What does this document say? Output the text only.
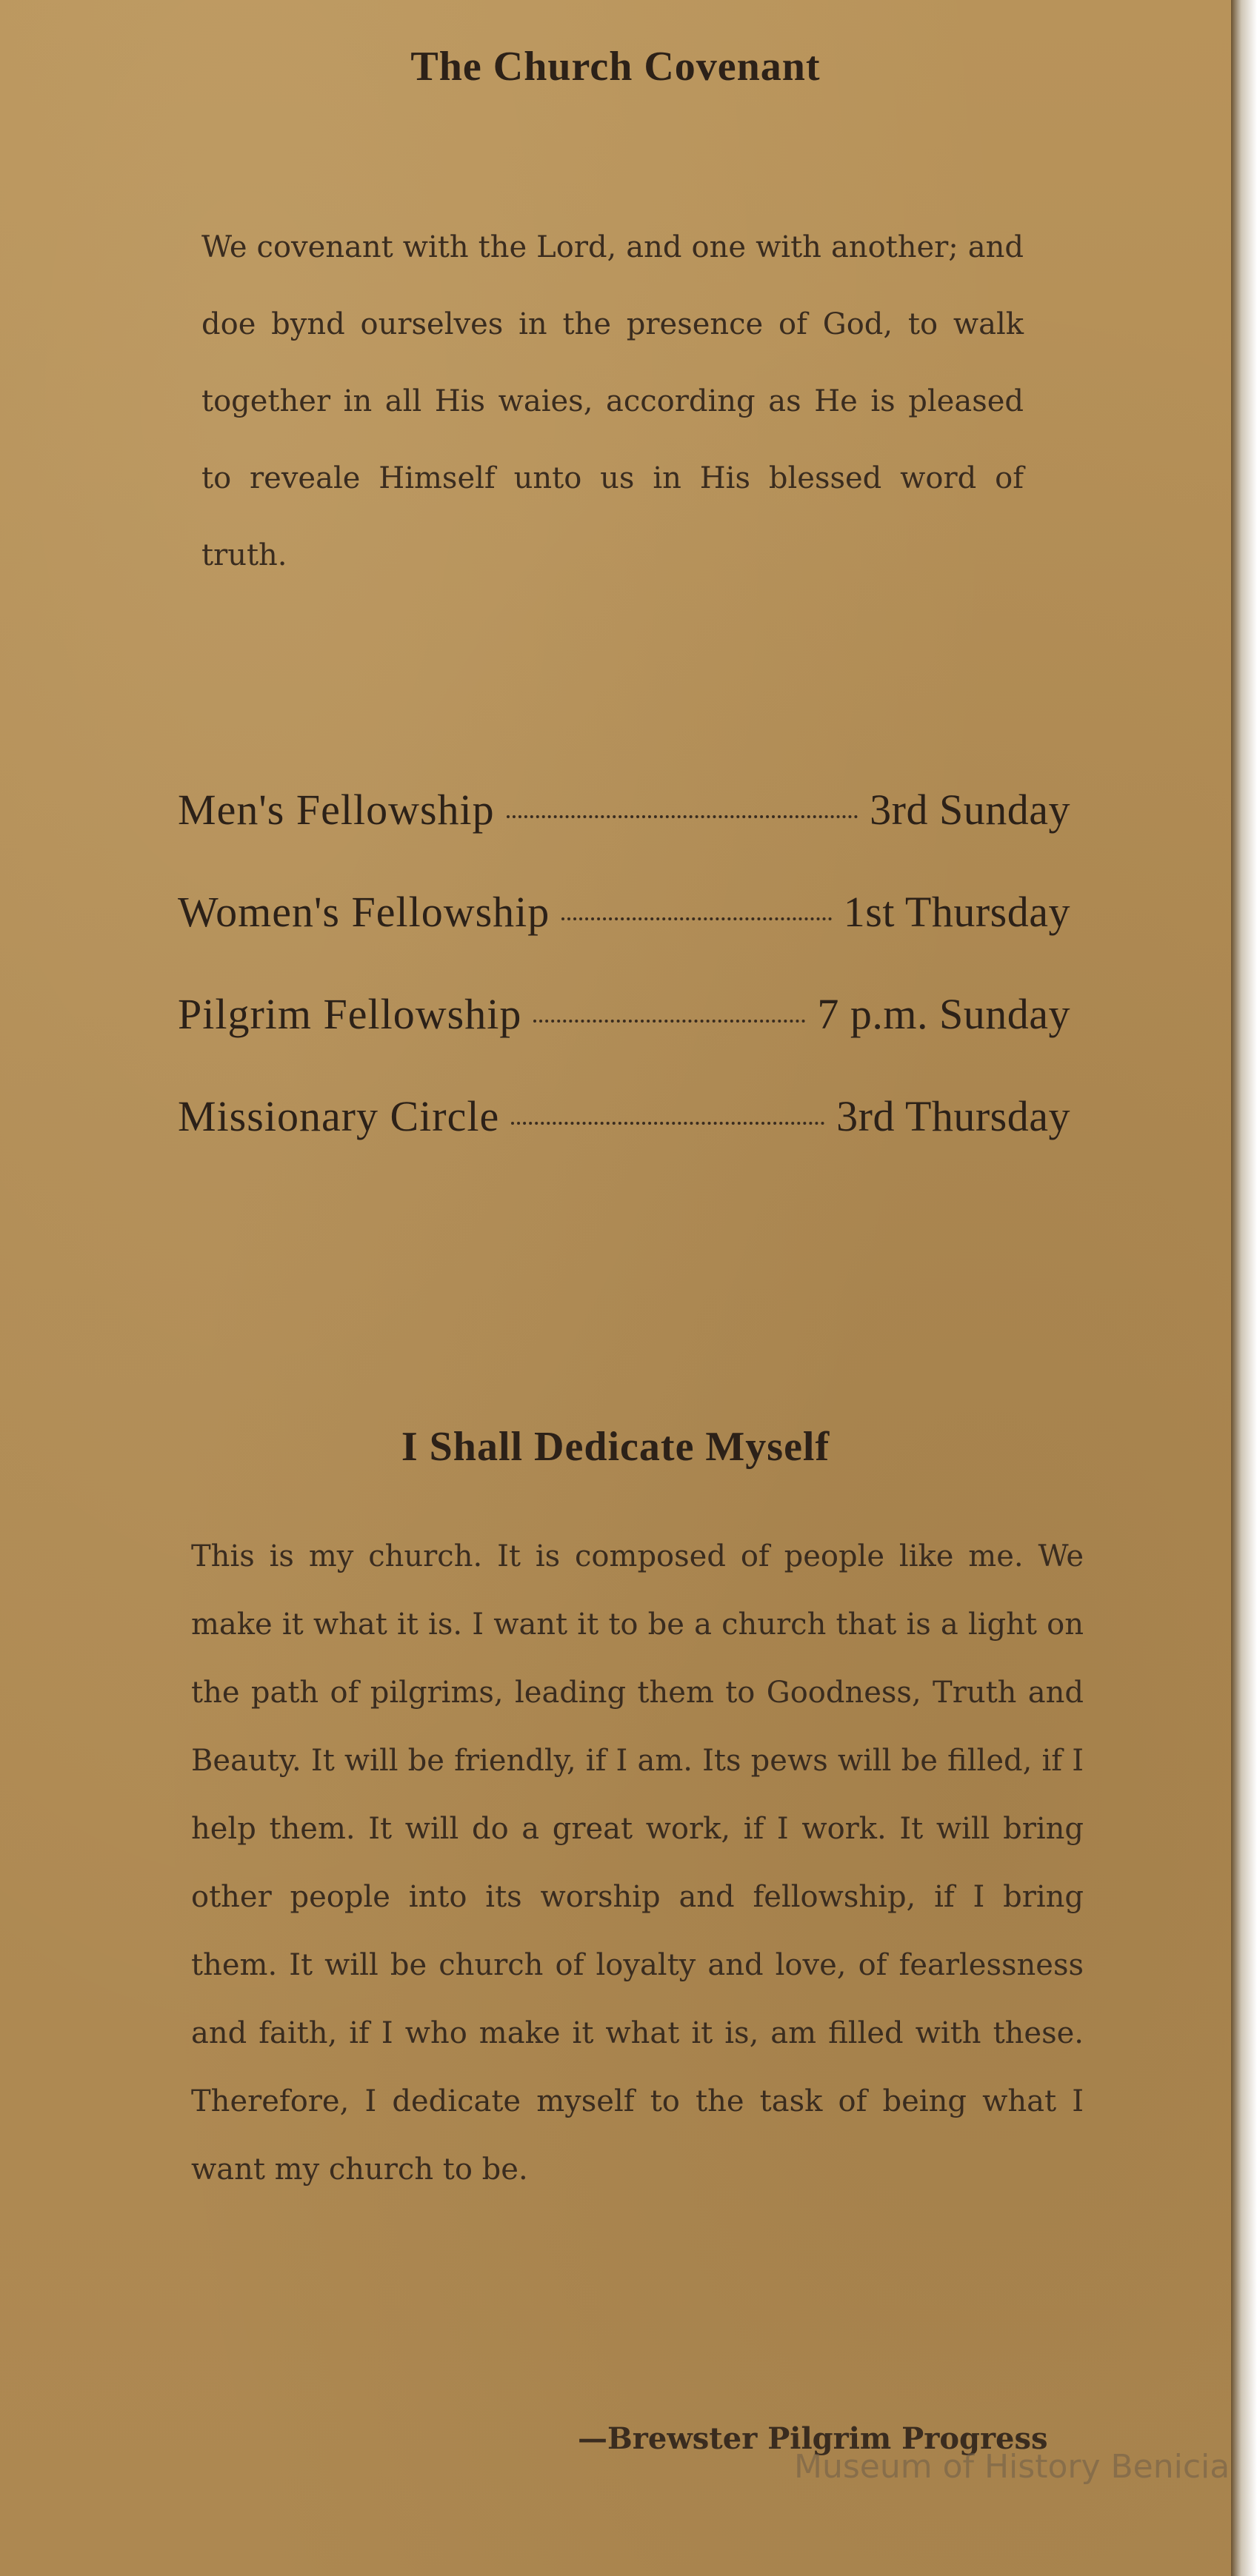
The Church Covenant

We covenant with the Lord, and one with another; and doe bynd ourselves in the presence of God, to walk together in all His waies, according as He is pleased to reveale Himself unto us in His blessed word of truth.

Men's Fellowship	3rd Sunday
Women's Fellowship	1st Thursday
Pilgrim Fellowship	7 p.m. Sunday
Missionary Circle	3rd Thursday
I Shall Dedicate Myself

This is my church. It is composed of people like me. We make it what it is. I want it to be a church that is a light on the path of pilgrims, leading them to Goodness, Truth and Beauty. It will be friendly, if I am. Its pews will be filled, if I help them. It will do a great work, if I work. It will bring other people into its worship and fellowship, if I bring them. It will be church of loyalty and love, of fearlessness and faith, if I who make it what it is, am filled with these. Therefore, I dedicate myself to the task of being what I want my church to be.

—Brewster Pilgrim Progress
Museum of History Benicia
